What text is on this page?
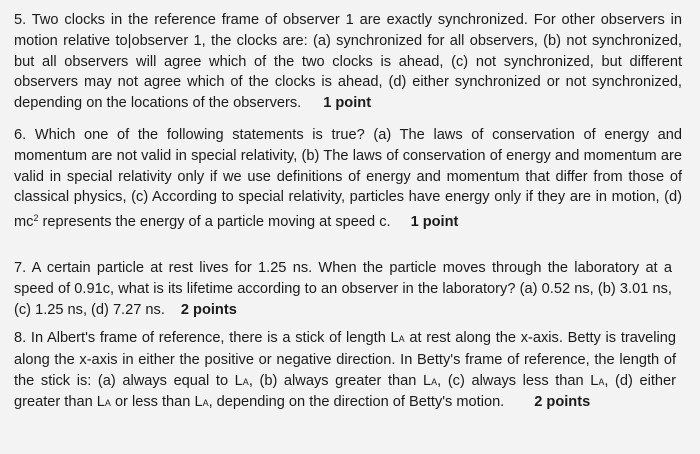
5. Two clocks in the reference frame of observer 1 are exactly synchronized. For other observers in motion relative to|observer 1, the clocks are: (a) synchronized for all observers, (b) not synchronized, but all observers will agree which of the two clocks is ahead, (c) not synchronized, but different observers may not agree which of the clocks is ahead, (d) either synchronized or not synchronized, depending on the locations of the observers. 1 point

6. Which one of the following statements is true? (a) The laws of conservation of energy and momentum are not valid in special relativity, (b) The laws of conservation of energy and momentum are valid in special relativity only if we use definitions of energy and momentum that differ from those of classical physics, (c) According to special relativity, particles have energy only if they are in motion, (d) $mc^2$ represents the energy of a particle moving at speed c. 1 point

7. A certain particle at rest lives for 1.25 ns. When the particle moves through the laboratory at a speed of 0.91c, what is its lifetime according to an observer in the laboratory? (a) 0.52 ns, (b) 3.01 ns, (c) 1.25 ns, (d) 7.27 ns. 2 points

8. In Albert's frame of reference, there is a stick of length LA at rest along the x-axis. Betty is traveling along the x-axis in either the positive or negative direction. In Betty's frame of reference, the length of the stick is: (a) always equal to LA, (b) always greater than LA, (c) always less than LA, (d) either greater than LA or less than LA, depending on the direction of Betty's motion. 2 points
